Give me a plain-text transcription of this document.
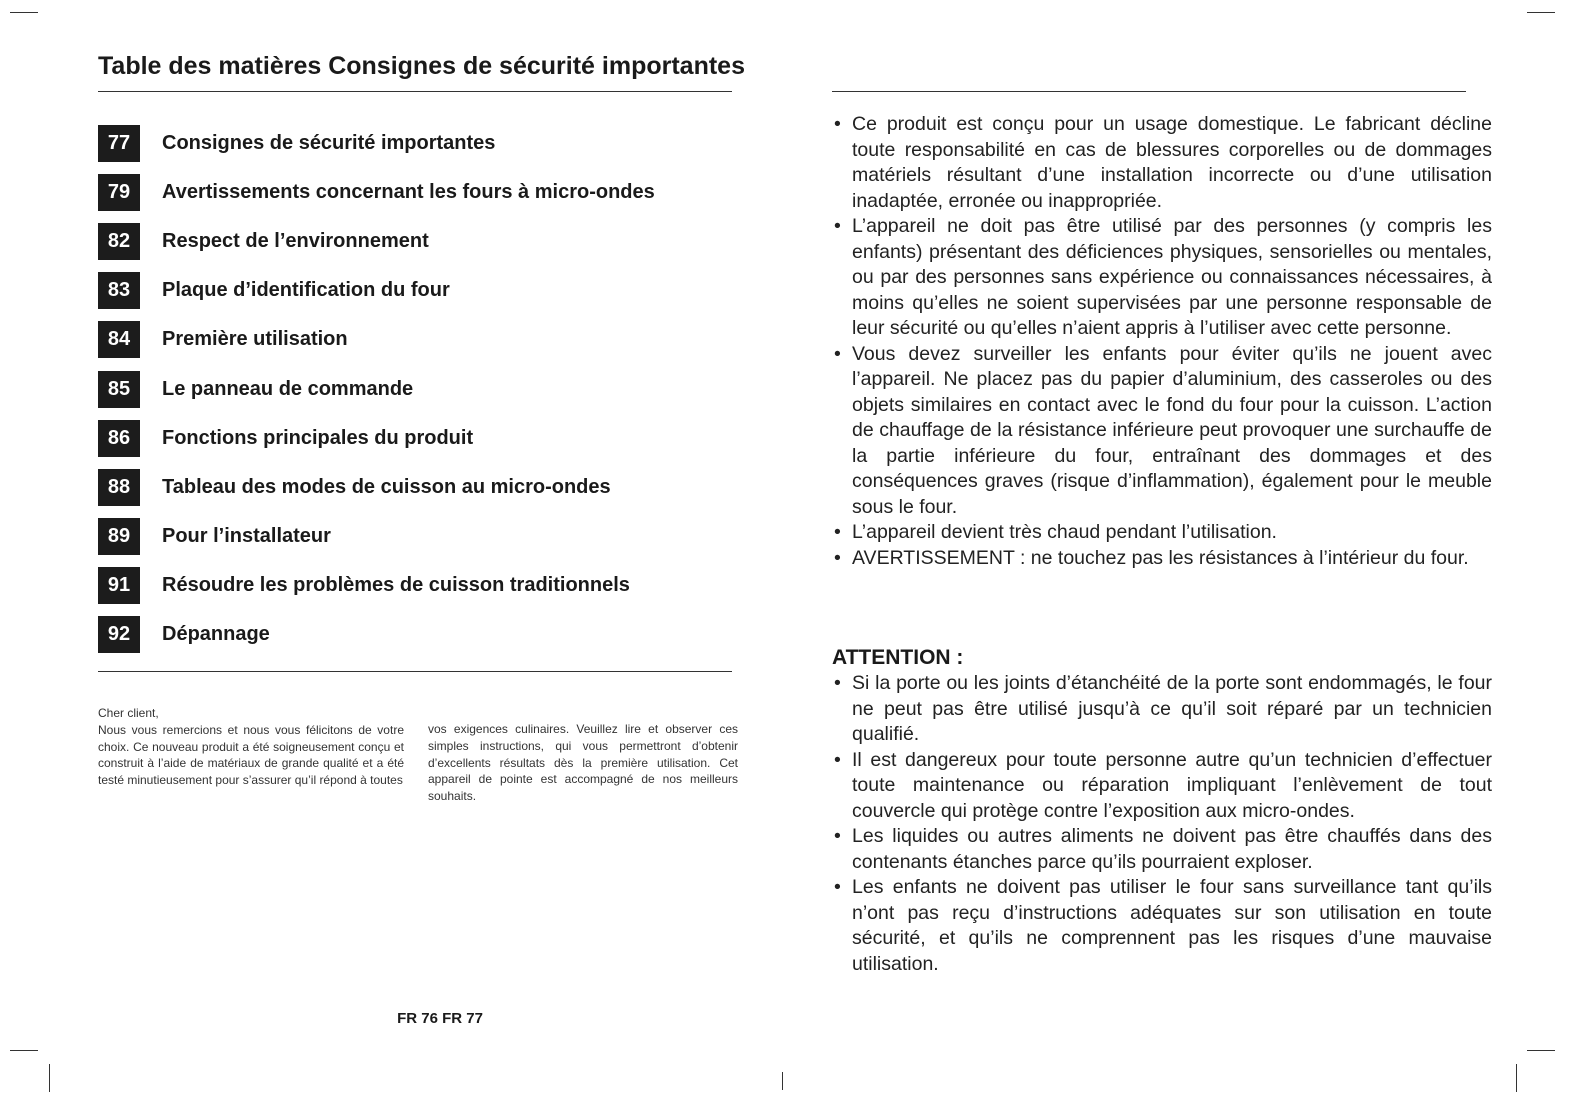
Table des matières Consignes de sécurité importantes
77	Consignes de sécurité importantes
79	Avertissements concernant les fours à micro-ondes
82	Respect de l’environnement
83	Plaque d’identification du four
84	Première utilisation
85	Le panneau de commande
86	Fonctions principales du produit
88	Tableau des modes de cuisson au micro-ondes
89	Pour l’installateur
91	Résoudre les problèmes de cuisson traditionnels
92	Dépannage

Cher client,

Nous vous remercions et nous vous félicitons de votre choix. Ce nouveau produit a été soigneusement conçu et construit à l’aide de matériaux de grande qualité et a été testé minutieusement pour s’assurer qu’il répond à toutes

vos exigences culinaires. Veuillez lire et observer ces simples instructions, qui vous permettront d’obtenir d’excellents résultats dès la première utilisation. Cet appareil de pointe est accompagné de nos meilleurs souhaits.

FR 76 FR 77
• Ce produit est conçu pour un usage domestique. Le fabricant décline toute responsabilité en cas de blessures corporelles ou de dommages matériels résultant d’une installation incorrecte ou d’une utilisation inadaptée, erronée ou inappropriée.
• L’appareil ne doit pas être utilisé par des personnes (y compris les enfants) présentant des déficiences physiques, sensorielles ou mentales, ou par des personnes sans expérience ou connaissances nécessaires, à moins qu’elles ne soient supervisées par une personne responsable de leur sécurité ou qu’elles n’aient appris à l’utiliser avec cette personne.
• Vous devez surveiller les enfants pour éviter qu’ils ne jouent avec l’appareil. Ne placez pas du papier d’aluminium, des casseroles ou des objets similaires en contact avec le fond du four pour la cuisson. L’action de chauffage de la résistance inférieure peut provoquer une surchauffe de la partie inférieure du four, entraînant des dommages et des conséquences graves (risque d’inflammation), également pour le meuble sous le four.
• L’appareil devient très chaud pendant l’utilisation.
• AVERTISSEMENT : ne touchez pas les résistances à l’intérieur du four.
ATTENTION :
• Si la porte ou les joints d’étanchéité de la porte sont endommagés, le four ne peut pas être utilisé jusqu’à ce qu’il soit réparé par un technicien qualifié.
• Il est dangereux pour toute personne autre qu’un technicien d’effectuer toute maintenance ou réparation impliquant l’enlèvement de tout couvercle qui protège contre l’exposition aux micro-ondes.
• Les liquides ou autres aliments ne doivent pas être chauffés dans des contenants étanches parce qu’ils pourraient exploser.
• Les enfants ne doivent pas utiliser le four sans surveillance tant qu’ils n’ont pas reçu d’instructions adéquates sur son utilisation en toute sécurité, et qu’ils ne comprennent pas les risques d’une mauvaise utilisation.
